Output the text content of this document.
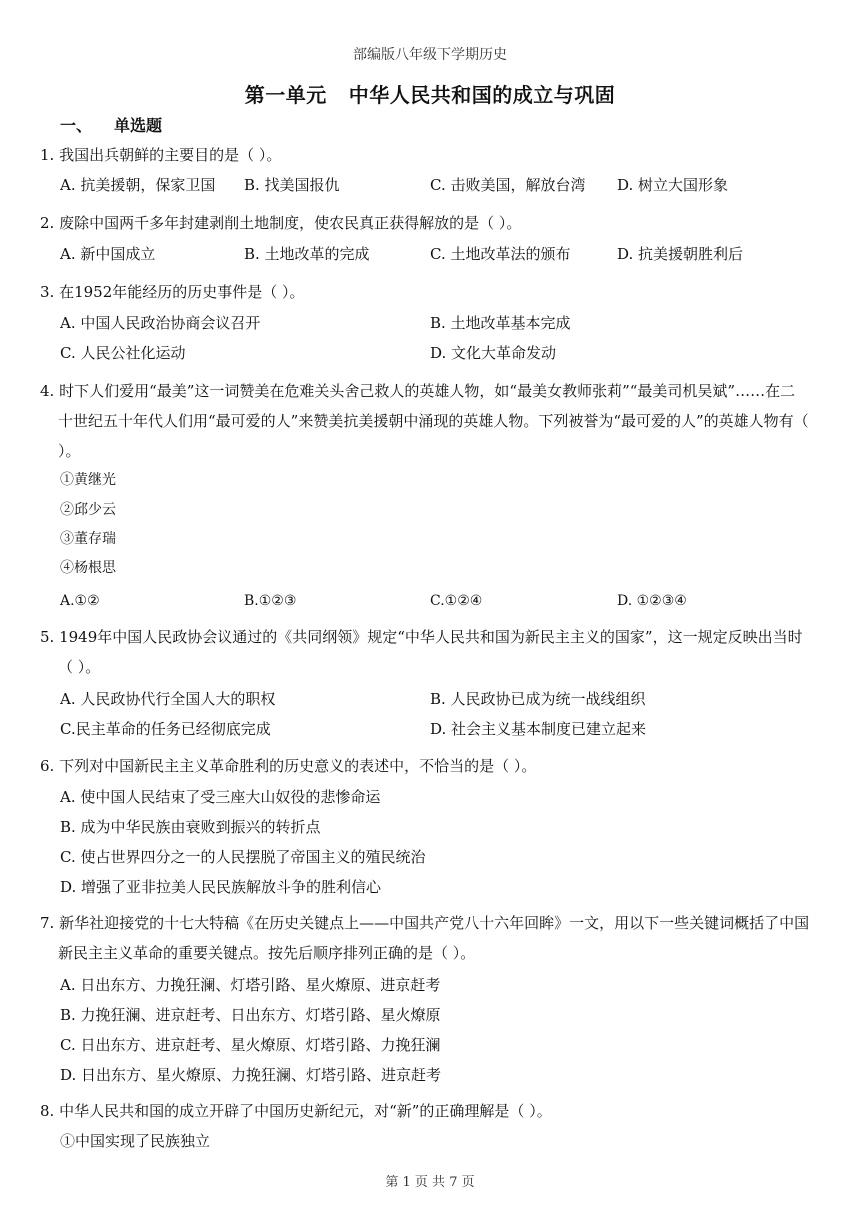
部编版八年级下学期历史
第一单元 中华人民共和国的成立与巩固
一、 单选题
1. 我国出兵朝鲜的主要目的是（ ）。
A. 抗美援朝，保家卫国 B. 找美国报仇	C. 击败美国，解放台湾 D. 树立大国形象
2. 废除中国两千多年封建剥削土地制度，使农民真正获得解放的是（ ）。
A. 新中国成立	B. 土地改革的完成	C. 土地改革法的颁布	D. 抗美援朝胜利后
3. 在1952年能经历的历史事件是（ ）。
A. 中国人民政治协商会议召开	B. 土地改革基本完成
C. 人民公社化运动	D. 文化大革命发动
4. 时下人们爱用“最美”这一词赞美在危难关头舍己救人的英雄人物，如“最美女教师张莉”“最美司机吴斌”……在二十世纪五十年代人们用“最可爱的人”来赞美抗美援朝中涌现的英雄人物。下列被誉为“最可爱的人”的英雄人物有（ ）。
①黄继光
②邱少云
③董存瑞
④杨根思
A.①②	B.①②③	C.①②④	D. ①②③④
5. 1949年中国人民政协会议通过的《共同纲领》规定“中华人民共和国为新民主主义的国家”，这一规定反映出当时（ ）。
A. 人民政协代行全国人大的职权	B. 人民政协已成为统一战线组织
C.民主革命的任务已经彻底完成	D. 社会主义基本制度已建立起来
6. 下列对中国新民主主义革命胜利的历史意义的表述中，不恰当的是（ ）。
A. 使中国人民结束了受三座大山奴役的悲惨命运
B. 成为中华民族由衰败到振兴的转折点
C. 使占世界四分之一的人民摆脱了帝国主义的殖民统治
D. 增强了亚非拉美人民民族解放斗争的胜利信心
7. 新华社迎接党的十七大特稿《在历史关键点上——中国共产党八十六年回眸》一文，用以下一些关键词概括了中国新民主主义革命的重要关键点。按先后顺序排列正确的是（ ）。
A. 日出东方、力挽狂澜、灯塔引路、星火燎原、进京赶考
B. 力挽狂澜、进京赶考、日出东方、灯塔引路、星火燎原
C. 日出东方、进京赶考、星火燎原、灯塔引路、力挽狂澜
D. 日出东方、星火燎原、力挽狂澜、灯塔引路、进京赶考
8. 中华人民共和国的成立开辟了中国历史新纪元，对“新”的正确理解是（ ）。
①中国实现了民族独立
第 1 页 共 7 页
